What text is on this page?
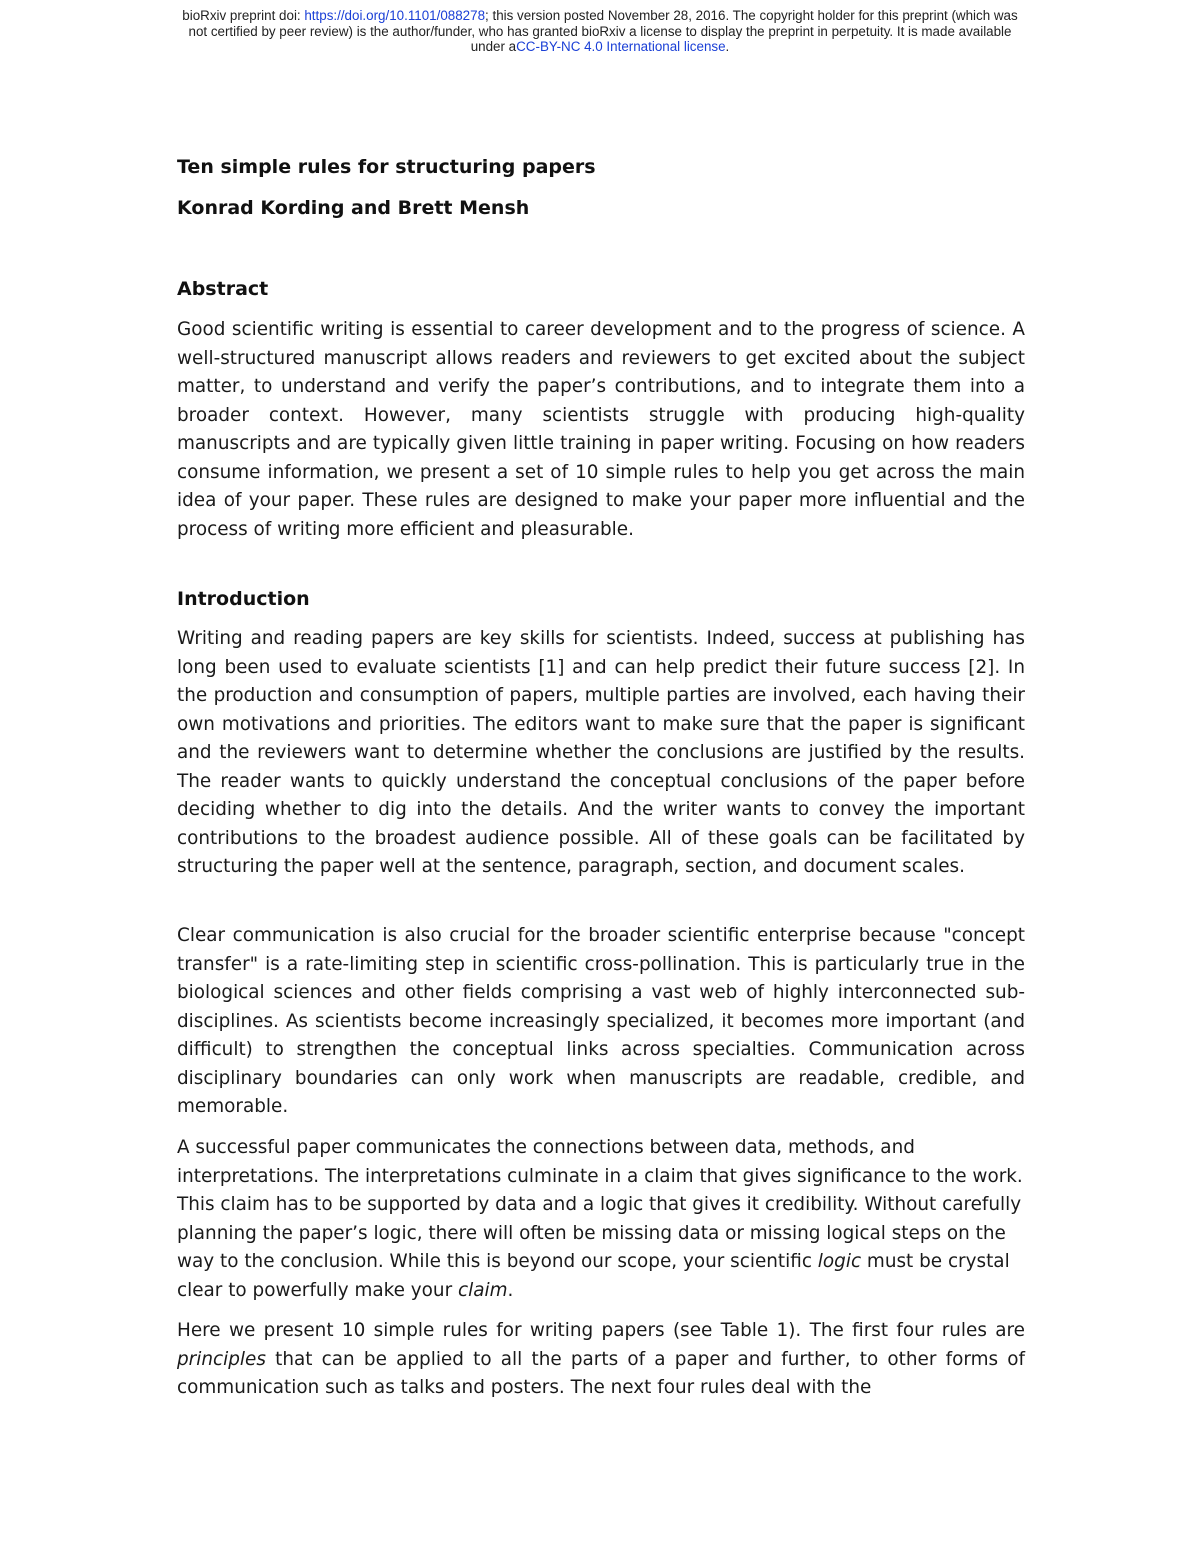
bioRxiv preprint doi: https://doi.org/10.1101/088278; this version posted November 28, 2016. The copyright holder for this preprint (which was
not certified by peer review) is the author/funder, who has granted bioRxiv a license to display the preprint in perpetuity. It is made available
under aCC-BY-NC 4.0 International license.
Ten simple rules for structuring papers
Konrad Kording and Brett Mensh
Abstract
Good scientific writing is essential to career development and to the progress of science. A well-structured manuscript allows readers and reviewers to get excited about the subject matter, to understand and verify the paper’s contributions, and to integrate them into a broader context. However, many scientists struggle with producing high-quality manuscripts and are typically given little training in paper writing. Focusing on how readers consume information, we present a set of 10 simple rules to help you get across the main idea of your paper. These rules are designed to make your paper more influential and the process of writing more efficient and pleasurable.
Introduction
Writing and reading papers are key skills for scientists. Indeed, success at publishing has long been used to evaluate scientists [1] and can help predict their future success [2]. In the production and consumption of papers, multiple parties are involved, each having their own motivations and priorities. The editors want to make sure that the paper is significant and the reviewers want to determine whether the conclusions are justified by the results. The reader wants to quickly understand the conceptual conclusions of the paper before deciding whether to dig into the details. And the writer wants to convey the important contributions to the broadest audience possible. All of these goals can be facilitated by structuring the paper well at the sentence, paragraph, section, and document scales.
Clear communication is also crucial for the broader scientific enterprise because "concept transfer" is a rate-limiting step in scientific cross-pollination. This is particularly true in the biological sciences and other fields comprising a vast web of highly interconnected sub-disciplines. As scientists become increasingly specialized, it becomes more important (and difficult) to strengthen the conceptual links across specialties. Communication across disciplinary boundaries can only work when manuscripts are readable, credible, and memorable.
A successful paper communicates the connections between data, methods, and interpretations. The interpretations culminate in a claim that gives significance to the work. This claim has to be supported by data and a logic that gives it credibility. Without carefully planning the paper’s logic, there will often be missing data or missing logical steps on the way to the conclusion. While this is beyond our scope, your scientific logic must be crystal clear to powerfully make your claim.
Here we present 10 simple rules for writing papers (see Table 1). The first four rules are principles that can be applied to all the parts of a paper and further, to other forms of communication such as talks and posters. The next four rules deal with the
